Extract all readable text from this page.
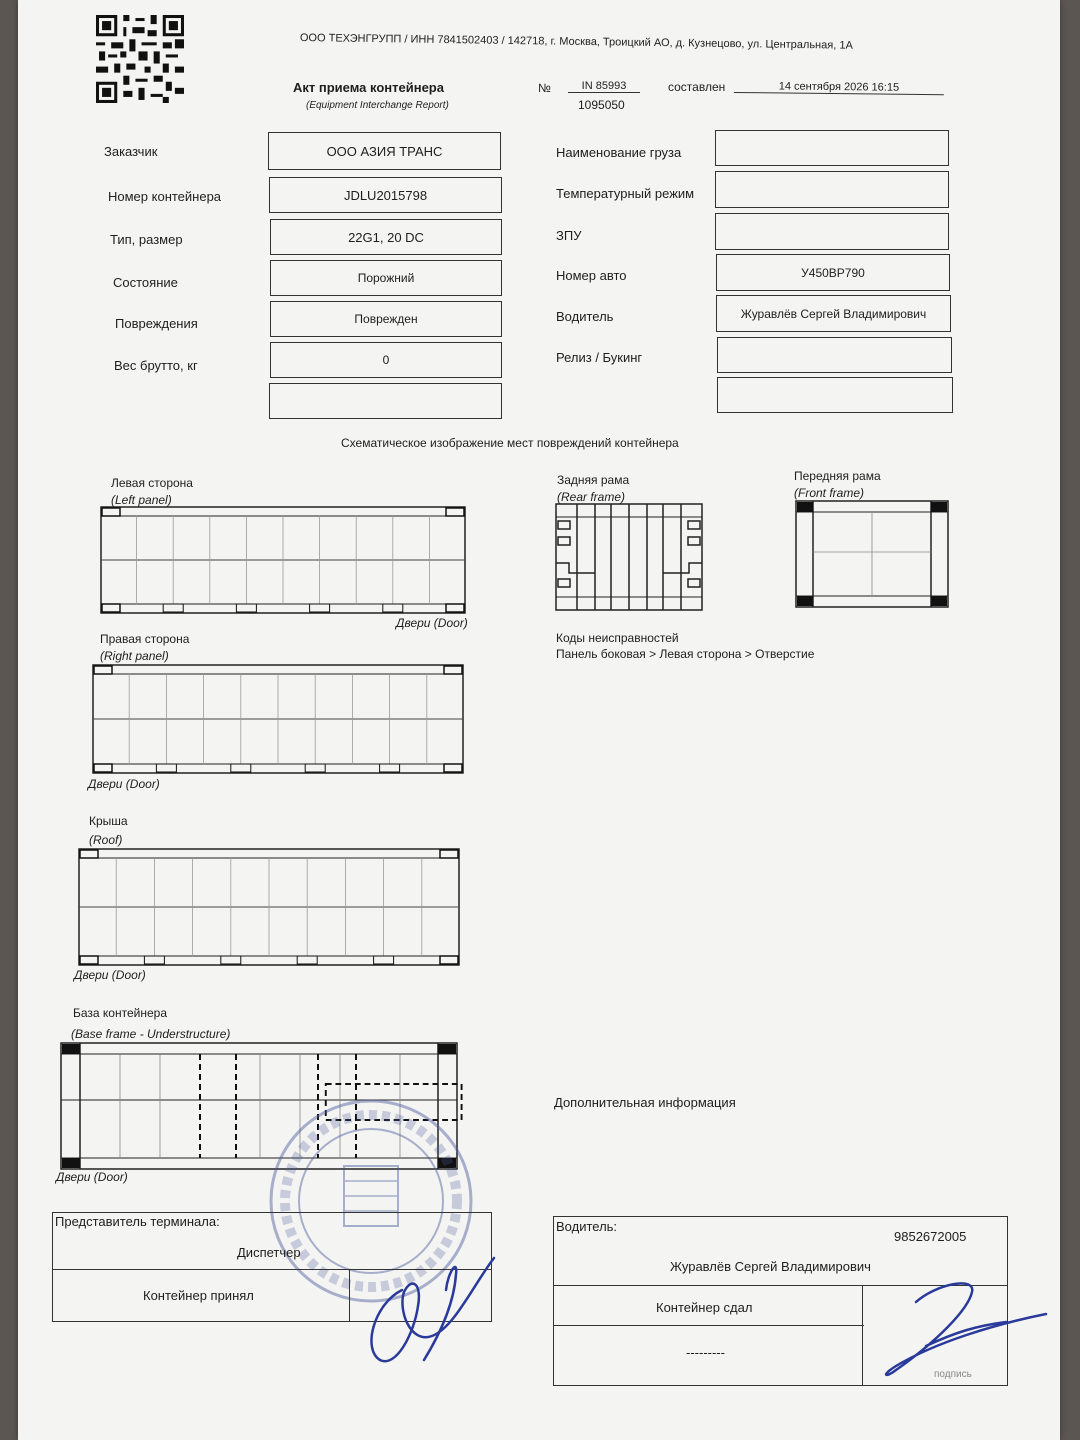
ООО ТЕХЭНГРУПП / ИНН 7841502403 / 142718, г. Москва, Троицкий АО, д. Кузнецово, ул. Центральная, 1А
Акт приема контейнера
(Equipment Interchange Report)
№	IN 85993
1095050
составлен	14 сентября 2026 16:15
Заказчик	ООО АЗИЯ ТРАНС
Номер контейнера	JDLU2015798
Тип, размер	22G1, 20 DC
Состояние	Порожний
Повреждения	Поврежден
Вес брутто, кг	0
Наименование груза
Температурный режим
ЗПУ
Номер авто	У450ВР790
Водитель	Журавлёв Сергей Владимирович
Релиз / Букинг
Схематическое изображение мест повреждений контейнера
Левая сторона
(Left panel)
Двери (Door)
Задняя рама
(Rear frame)
Передняя рама
(Front frame)
Правая сторона
(Right panel)
Двери (Door)
Коды неисправностей
Панель боковая > Левая сторона > Отверстие
Крыша
(Roof)
Двери (Door)
База контейнера
(Base frame - Understructure)
Двери (Door)
Дополнительная информация
Представитель терминала:
Диспетчер
Контейнер принял
Водитель:
9852672005
Журавлёв Сергей Владимирович
Контейнер сдал
---------
подпись
